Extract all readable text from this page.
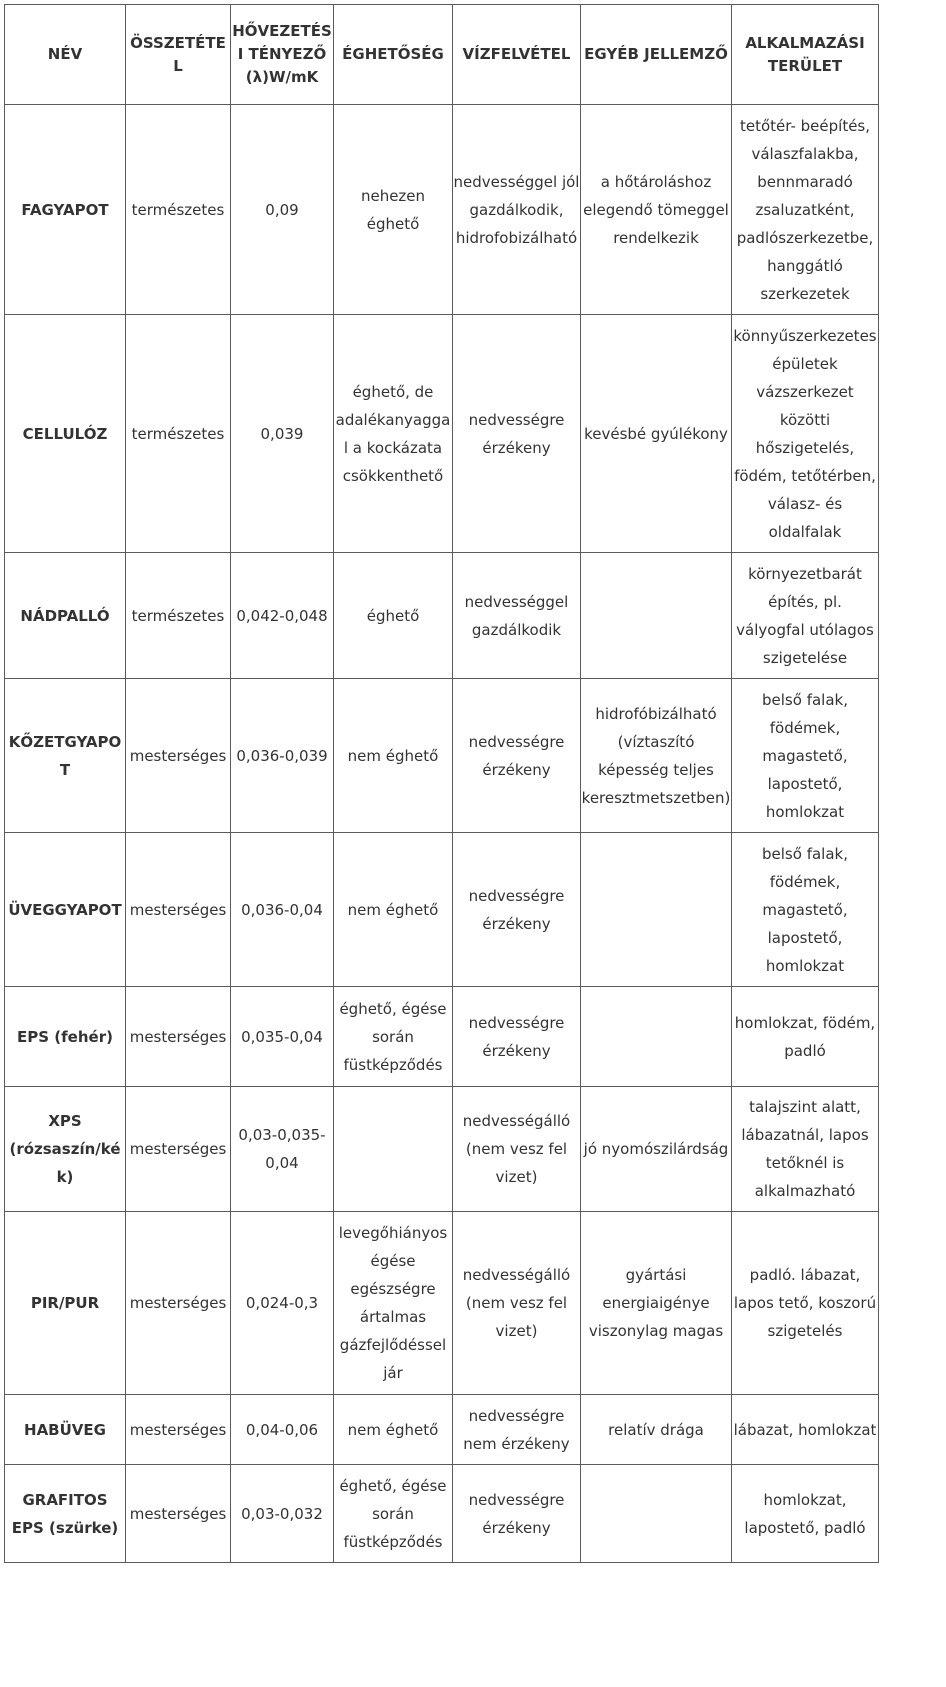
NÉV	ÖSSZETÉTEL	HŐVEZETÉSI TÉNYEZŐ (λ)W/mK	ÉGHETŐSÉG	VÍZFELVÉTEL	EGYÉB JELLEMZŐ	ALKALMAZÁSI TERÜLET
FAGYAPOT	természetes	0,09	nehezen éghető	nedvességgel jól gazdálkodik, hidrofobizálható	a hőtároláshoz elegendő tömeggel rendelkezik	tetőtér- beépítés, válaszfalakba, bennmaradó zsaluzatként, padlószerkezetbe, hanggátló szerkezetek
CELLULÓZ	természetes	0,039	éghető, de adalékanyaggal a kockázata csökkenthető	nedvességre érzékeny	kevésbé gyúlékony	könnyűszerkezetes épületek vázszerkezet közötti hőszigetelés, födém, tetőtérben, válasz- és oldalfalak
NÁDPALLÓ	természetes	0,042-0,048	éghető	nedvességgel gazdálkodik		környezetbarát építés, pl. vályogfal utólagos szigetelése
KŐZETGYAPOT	mesterséges	0,036-0,039	nem éghető	nedvességre érzékeny	hidrofóbizálható (víztaszító képesség teljes keresztmetszetben)	belső falak, födémek, magastető, lapostető, homlokzat
ÜVEGGYAPOT	mesterséges	0,036-0,04	nem éghető	nedvességre érzékeny		belső falak, födémek, magastető, lapostető, homlokzat
EPS (fehér)	mesterséges	0,035-0,04	éghető, égése során füstképződés	nedvességre érzékeny		homlokzat, födém, padló
XPS (rózsaszín/kék)	mesterséges	0,03-0,035-0,04		nedvességálló (nem vesz fel vizet)	jó nyomószilárdság	talajszint alatt, lábazatnál, lapos tetőknél is alkalmazható
PIR/PUR	mesterséges	0,024-0,3	levegőhiányos égése egészségre ártalmas gázfejlődéssel jár	nedvességálló (nem vesz fel vizet)	gyártási energiaigénye viszonylag magas	padló. lábazat, lapos tető, koszorú szigetelés
HABÜVEG	mesterséges	0,04-0,06	nem éghető	nedvességre nem érzékeny	relatív drága	lábazat, homlokzat
GRAFITOS EPS (szürke)	mesterséges	0,03-0,032	éghető, égése során füstképződés	nedvességre érzékeny		homlokzat, lapostető, padló
